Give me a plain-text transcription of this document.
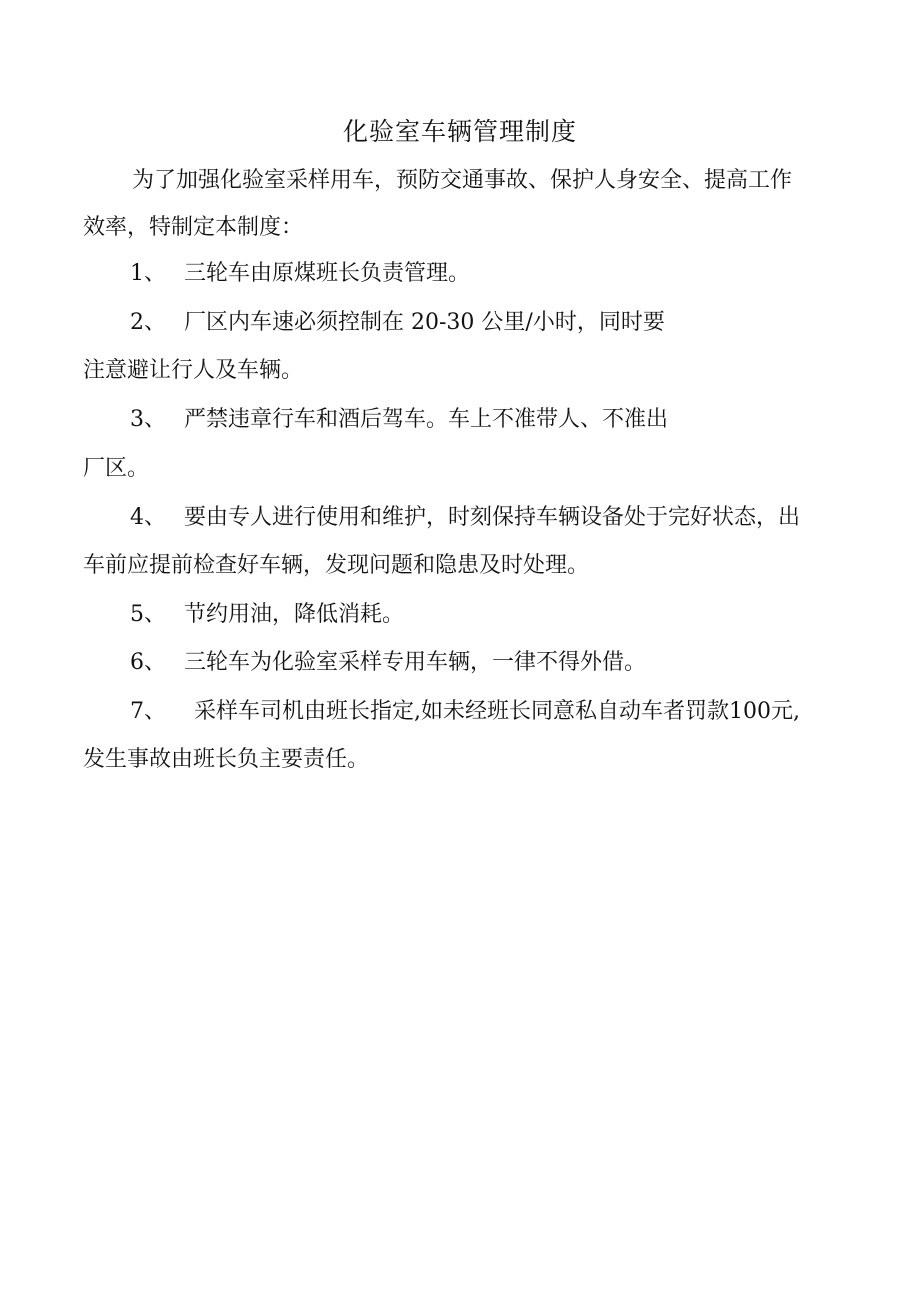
化验室车辆管理制度
为了加强化验室采样用车，预防交通事故、保护人身安全、提高工作
效率，特制定本制度：
1、 三轮车由原煤班长负责管理。
2、 厂区内车速必须控制在 20-30 公里/小时，同时要
注意避让行人及车辆。
3、 严禁违章行车和酒后驾车。车上不准带人、不准出
厂区。
4、 要由专人进行使用和维护，时刻保持车辆设备处于完好状态，出
车前应提前检查好车辆，发现问题和隐患及时处理。
5、 节约用油，降低消耗。
6、 三轮车为化验室采样专用车辆，一律不得外借。
7、 采样车司机由班长指定,如未经班长同意私自动车者罚款100元,
发生事故由班长负主要责任。
